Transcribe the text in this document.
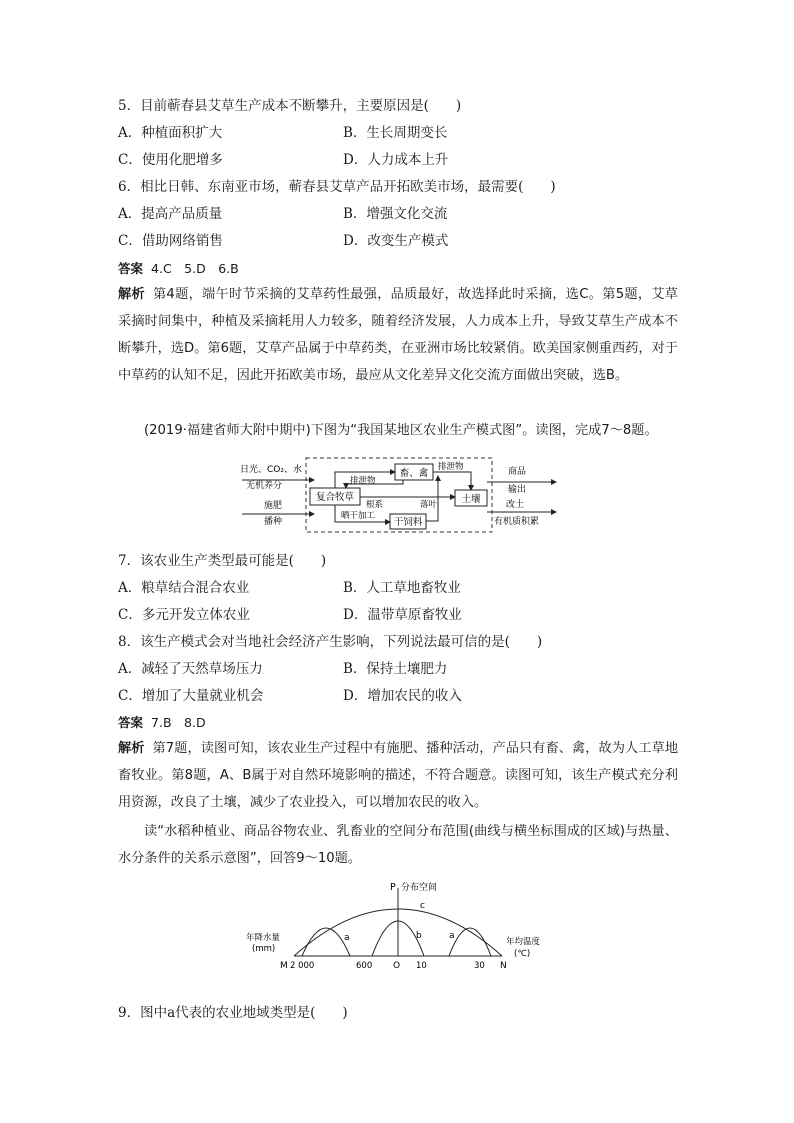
5．目前蕲春县艾草生产成本不断攀升，主要原因是(　　)
A．种植面积扩大	B．生长周期变长
C．使用化肥增多	D．人力成本上升
6．相比日韩、东南亚市场，蕲春县艾草产品开拓欧美市场，最需要(　　)
A．提高产品质量	B．增强文化交流
C．借助网络销售	D．改变生产模式
答案 4.C　5.D　6.B
解析 第4题，端午时节采摘的艾草药性最强，品质最好，故选择此时采摘，选C。第5题，艾草采摘时间集中，种植及采摘耗用人力较多，随着经济发展，人力成本上升，导致艾草生产成本不断攀升，选D。第6题，艾草产品属于中草药类，在亚洲市场比较紧俏。欧美国家侧重西药，对于中草药的认知不足，因此开拓欧美市场，最应从文化差异文化交流方面做出突破，选B。
(2019·福建省师大附中期中)下图为“我国某地区农业生产模式图”。读图，完成7～8题。
日光、CO₂、水
无机养分
施肥
播种
畜、禽
复合牧草	土壤
干饲料
排泄物
排泄物
根系	落叶
晒干加工
商品
输出
改土
有机质积累
7．该农业生产类型最可能是(　　)
A．粮草结合混合农业	B．人工草地畜牧业
C．多元开发立体农业	D．温带草原畜牧业
8．该生产模式会对当地社会经济产生影响，下列说法最可信的是(　　)
A．减轻了天然草场压力	B．保持土壤肥力
C．增加了大量就业机会	D．增加农民的收入
答案 7.B　8.D
解析 第7题，读图可知，该农业生产过程中有施肥、播种活动，产品只有畜、禽，故为人工草地畜牧业。第8题，A、B属于对自然环境影响的描述，不符合题意。读图可知，该生产模式充分利用资源，改良了土壤，减少了农业投入，可以增加农民的收入。
读“水稻种植业、商品谷物农业、乳畜业的空间分布范围(曲线与横坐标围成的区域)与热量、水分条件的关系示意图”，回答9～10题。
P 分布空间
年降水量
(mm)
年均温度
(℃)
c
a	b	a
M 2 000	600 O 10	30 N
9．图中a代表的农业地域类型是(　　)
